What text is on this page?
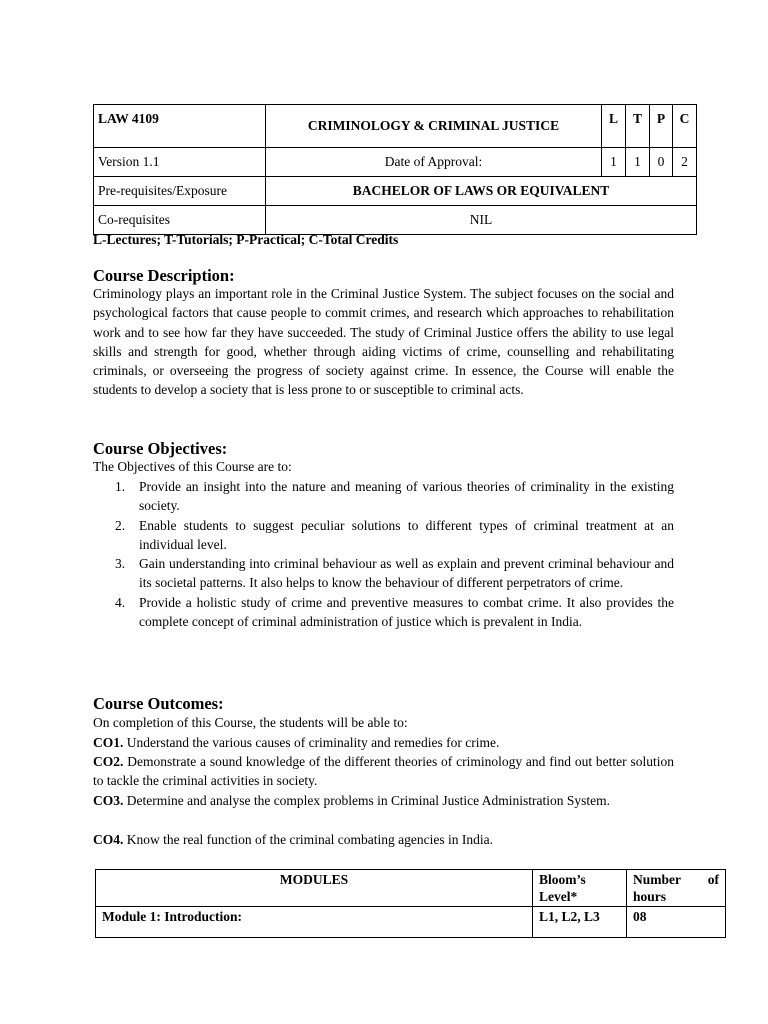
LAW 4109	CRIMINOLOGY & CRIMINAL JUSTICE	L	T	P	C
Version 1.1	Date of Approval:	1	1	0	2
Pre-requisites/Exposure	BACHELOR OF LAWS OR EQUIVALENT				
Co-requisites	NIL				
L-Lectures; T-Tutorials; P-Practical; C-Total Credits
Course Description:

Criminology plays an important role in the Criminal Justice System. The subject focuses on the social and psychological factors that cause people to commit crimes, and research which approaches to rehabilitation work and to see how far they have succeeded. The study of Criminal Justice offers the ability to use legal skills and strength for good, whether through aiding victims of crime, counselling and rehabilitating criminals, or overseeing the progress of society against crime. In essence, the Course will enable the students to develop a society that is less prone to or susceptible to criminal acts.

Course Objectives:
The Objectives of this Course are to:
1. Provide an insight into the nature and meaning of various theories of criminality in the existing society.
2. Enable students to suggest peculiar solutions to different types of criminal treatment at an individual level.
3. Gain understanding into criminal behaviour as well as explain and prevent criminal behaviour and its societal patterns. It also helps to know the behaviour of different perpetrators of crime.
4. Provide a holistic study of crime and preventive measures to combat crime. It also provides the complete concept of criminal administration of justice which is prevalent in India.
Course Outcomes:
On completion of this Course, the students will be able to:
CO1. Understand the various causes of criminality and remedies for crime.
CO2. Demonstrate a sound knowledge of the different theories of criminology and find out better solution to tackle the criminal activities in society.
CO3. Determine and analyse the complex problems in Criminal Justice Administration System.
CO4. Know the real function of the criminal combating agencies in India.
MODULES	Bloom’s Level*	Number of hours

Module 1: Introduction:	L1, L2, L3	08
